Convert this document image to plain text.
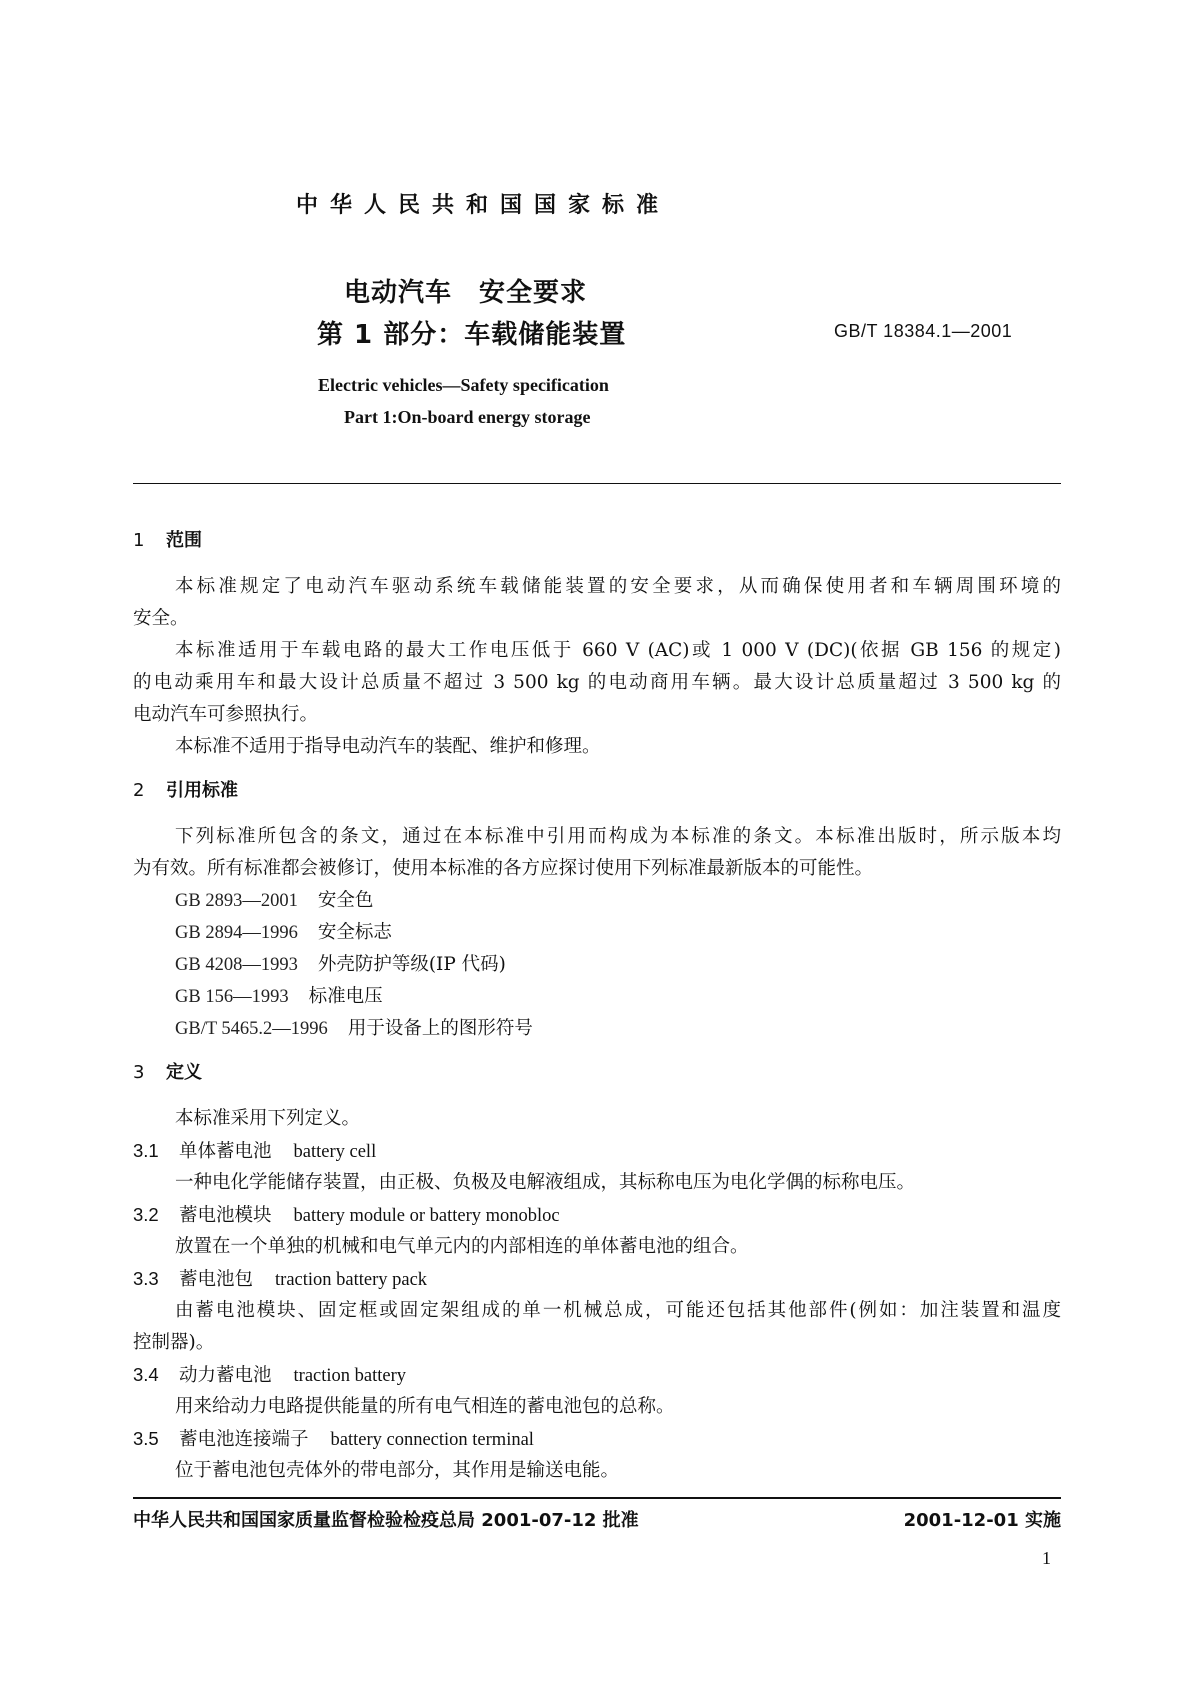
中华人民共和国国家标准
电动汽车　安全要求
第 1 部分：车载储能装置	GB/T 18384.1—2001
Electric vehicles—Safety specification
Part 1:On-board energy storage
1 范围
本标准规定了电动汽车驱动系统车载储能装置的安全要求，从而确保使用者和车辆周围环境的
安全。
本标准适用于车载电路的最大工作电压低于 660 V (AC)或 1 000 V (DC)(依据 GB 156 的规定)
的电动乘用车和最大设计总质量不超过 3 500 kg 的电动商用车辆。最大设计总质量超过 3 500 kg 的
电动汽车可参照执行。
本标准不适用于指导电动汽车的装配、维护和修理。
2 引用标准
下列标准所包含的条文，通过在本标准中引用而构成为本标准的条文。本标准出版时，所示版本均
为有效。所有标准都会被修订，使用本标准的各方应探讨使用下列标准最新版本的可能性。
GB 2893—2001 安全色
GB 2894—1996 安全标志
GB 4208—1993 外壳防护等级(IP 代码)
GB 156—1993 标准电压
GB/T 5465.2—1996 用于设备上的图形符号
3 定义
本标准采用下列定义。
3.1 单体蓄电池 battery cell
一种电化学能储存装置，由正极、负极及电解液组成，其标称电压为电化学偶的标称电压。
3.2 蓄电池模块 battery module or battery monobloc
放置在一个单独的机械和电气单元内的内部相连的单体蓄电池的组合。
3.3 蓄电池包 traction battery pack
由蓄电池模块、固定框或固定架组成的单一机械总成，可能还包括其他部件(例如：加注装置和温度
控制器)。
3.4 动力蓄电池 traction battery
用来给动力电路提供能量的所有电气相连的蓄电池包的总称。
3.5 蓄电池连接端子 battery connection terminal
位于蓄电池包壳体外的带电部分，其作用是输送电能。
中华人民共和国国家质量监督检验检疫总局 2001-07-12 批准	2001-12-01 实施
1
